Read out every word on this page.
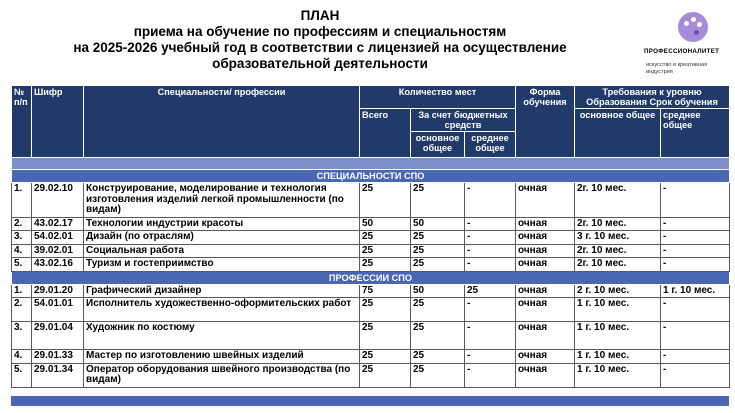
ПЛАН
приема на обучение по профессиям и специальностям
на 2025-2026 учебный год в соответствии с лицензией на осуществление
образовательной деятельности
ПРОФЕССИОНАЛИТЕТ
искусство и креативная индустрия
№ п/п	Шифр	Специальности/ профессии	Количество мест			Форма обучения	Требования к уровню Образования Срок обучения	
			Всего	За счет бюджетных средств			основное общее	среднее общее
				основное общее	среднее общее			

СПЕЦИАЛЬНОСТИ СПО								
1.	29.02.10	Конструирование, моделирование и технология изготовления изделий легкой промышленности (по видам)	25	25	-	очная	2г. 10 мес.	-
2.	43.02.17	Технологии индустрии красоты	50	50	-	очная	2г. 10 мес.	-
3.	54.02.01	Дизайн (по отраслям)	25	25	-	очная	3 г. 10 мес.	-
4.	39.02.01	Социальная работа	25	25	-	очная	2г. 10 мес.	-
5.	43.02.16	Туризм и гостеприимство	25	25	-	очная	2г. 10 мес.	-
ПРОФЕССИИ СПО								
1.	29.01.20	Графический дизайнер	75	50	25	очная	2 г. 10 мес.	1 г. 10 мес.
2.	54.01.01	Исполнитель художественно-оформительских работ	25	25	-	очная	1 г. 10 мес.	-
3.	29.01.04	Художник по костюму	25	25	-	очная	1 г. 10 мес.	-
4.	29.01.33	Мастер по изготовлению швейных изделий	25	25	-	очная	1 г. 10 мес.	-
5.	29.01.34	Оператор оборудования швейного производства (по видам)	25	25	-	очная	1 г. 10 мес.	-
